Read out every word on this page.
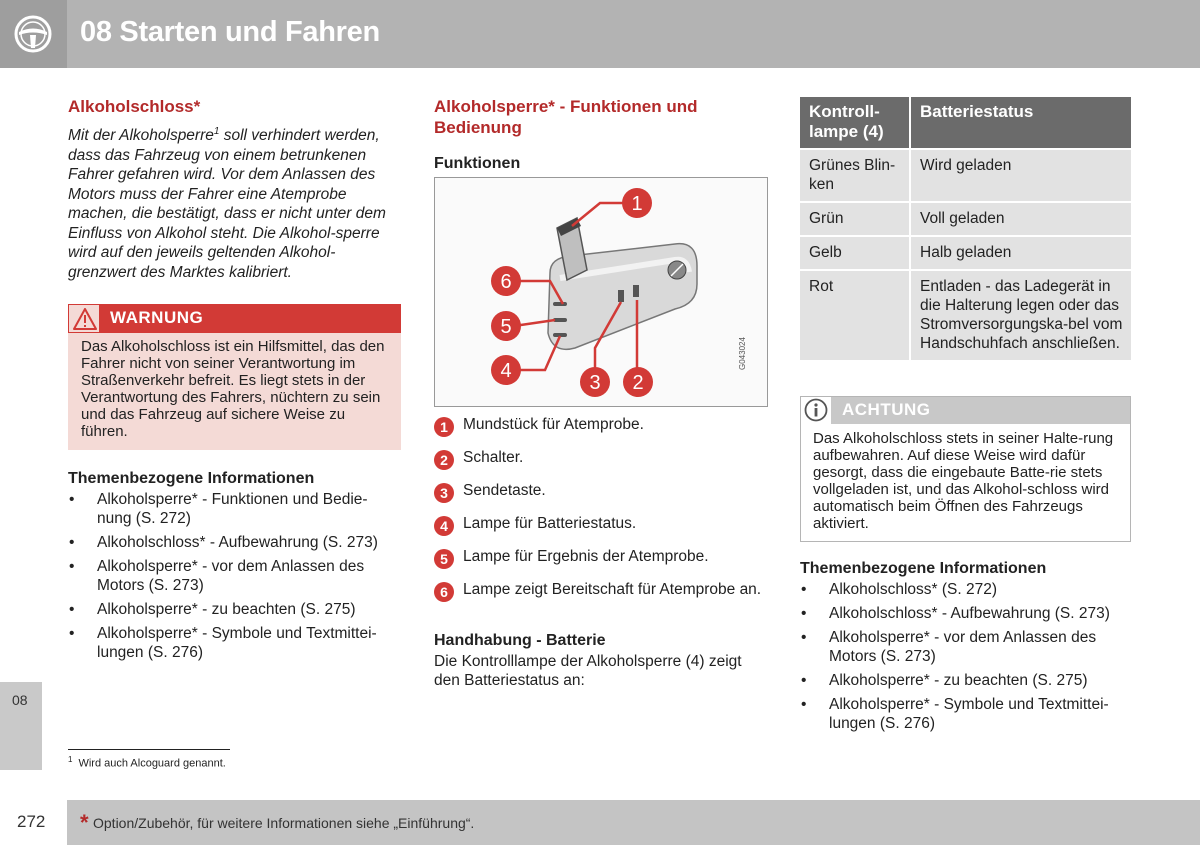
08 Starten und Fahren
08
Alkoholschloss*

Mit der Alkoholsperre$^1$ soll verhindert werden, dass das Fahrzeug von einem betrunkenen Fahrer gefahren wird. Vor dem Anlassen des Motors muss der Fahrer eine Atemprobe machen, die bestätigt, dass er nicht unter dem Einfluss von Alkohol steht. Die Alkohol-sperre wird auf den jeweils geltenden Alkohol-grenzwert des Marktes kalibriert.

WARNUNG
Das Alkoholschloss ist ein Hilfsmittel, das den Fahrer nicht von seiner Verantwortung im Straßenverkehr befreit. Es liegt stets in der Verantwortung des Fahrers, nüchtern zu sein und das Fahrzeug auf sichere Weise zu führen.
Themenbezogene Informationen
• Alkoholsperre* - Funktionen und Bedie-nung (S. 272)
• Alkoholschloss* - Aufbewahrung (S. 273)
• Alkoholsperre* - vor dem Anlassen des Motors (S. 273)
• Alkoholsperre* - zu beachten (S. 275)
• Alkoholsperre* - Symbole und Textmittei-lungen (S. 276)
Alkoholsperre* - Funktionen und Bedienung
Funktionen
1
6
5
4
3 2
G043024
1 Mundstück für Atemprobe.
2 Schalter.
3 Sendetaste.
4 Lampe für Batteriestatus.
5 Lampe für Ergebnis der Atemprobe.
6 Lampe zeigt Bereitschaft für Atemprobe an.
Handhabung - Batterie

Die Kontrolllampe der Alkoholsperre (4) zeigt den Batteriestatus an:

Kontroll-lampe (4)	Batteriestatus
Grünes Blin-ken	Wird geladen
Grün	Voll geladen
Gelb	Halb geladen
Rot	Entladen - das Ladegerät in die Halterung legen oder das Stromversorgungska-bel vom Handschuhfach anschließen.
ACHTUNG
Das Alkoholschloss stets in seiner Halte-rung aufbewahren. Auf diese Weise wird dafür gesorgt, dass die eingebaute Batte-rie stets vollgeladen ist, und das Alkohol-schloss wird automatisch beim Öffnen des Fahrzeugs aktiviert.
Themenbezogene Informationen
• Alkoholschloss* (S. 272)
• Alkoholschloss* - Aufbewahrung (S. 273)
• Alkoholsperre* - vor dem Anlassen des Motors (S. 273)
• Alkoholsperre* - zu beachten (S. 275)
• Alkoholsperre* - Symbole und Textmittei-lungen (S. 276)
$^1$ Wird auch Alcoguard genannt.
272 * Option/Zubehör, für weitere Informationen siehe „Einführung“.
